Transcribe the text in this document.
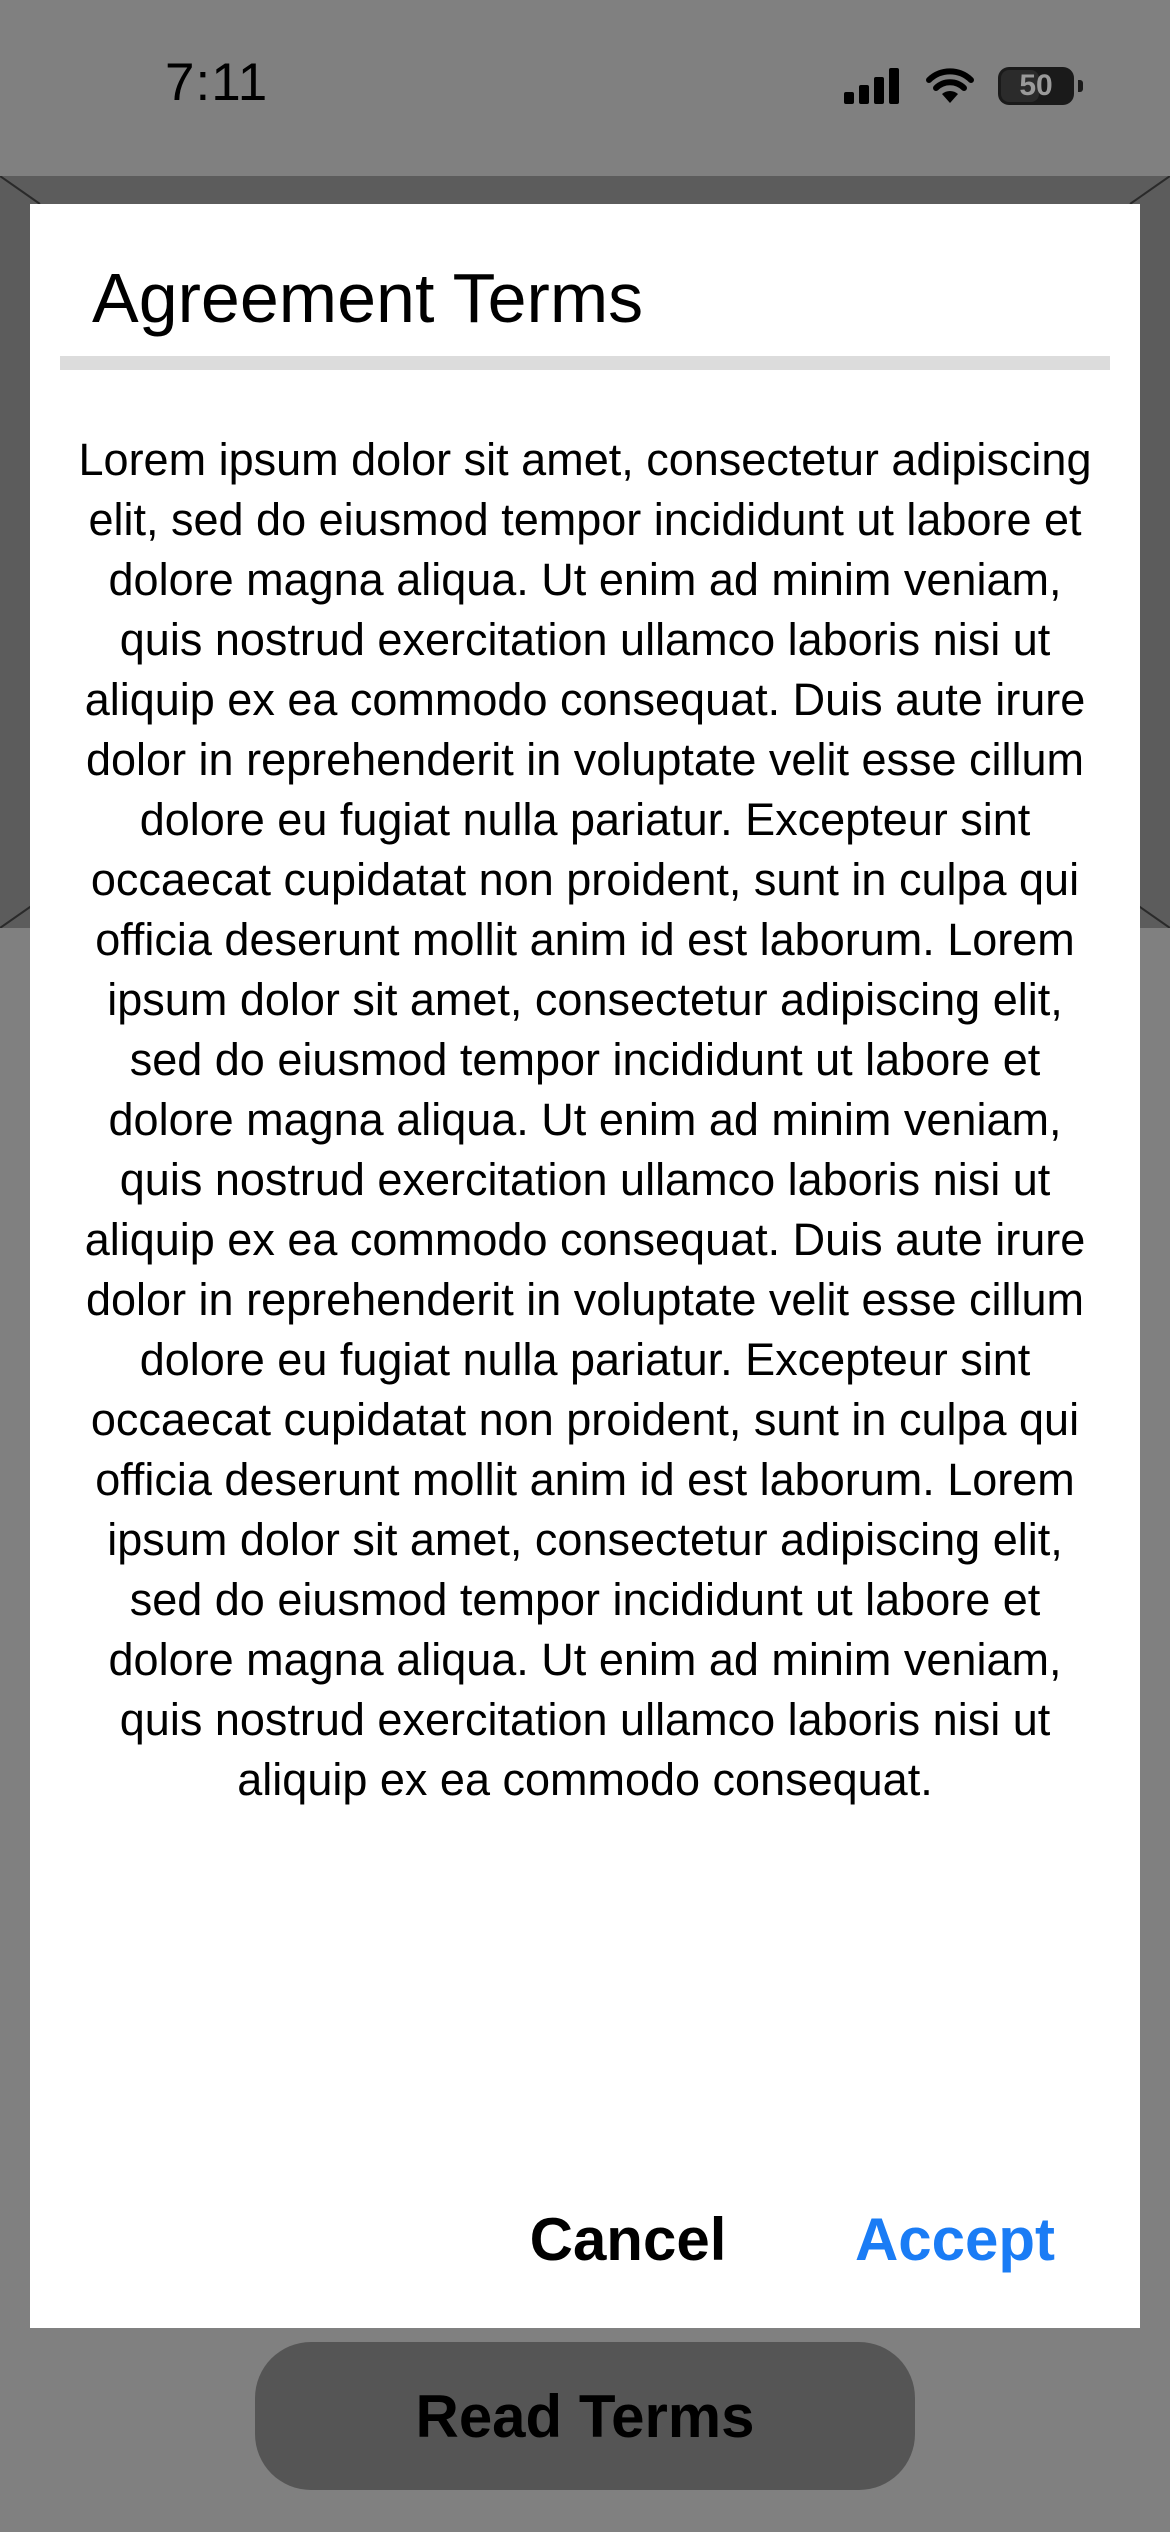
7:11	50
Read Terms
Agreement Terms

Lorem ipsum dolor sit amet, consectetur adipiscing elit, sed do eiusmod tempor incididunt ut labore et dolore magna aliqua. Ut enim ad minim veniam, quis nostrud exercitation ullamco laboris nisi ut aliquip ex ea commodo consequat. Duis aute irure dolor in reprehenderit in voluptate velit esse cillum dolore eu fugiat nulla pariatur. Excepteur sint occaecat cupidatat non proident, sunt in culpa qui officia deserunt mollit anim id est laborum. Lorem ipsum dolor sit amet, consectetur adipiscing elit, sed do eiusmod tempor incididunt ut labore et dolore magna aliqua. Ut enim ad minim veniam, quis nostrud exercitation ullamco laboris nisi ut aliquip ex ea commodo consequat. Duis aute irure dolor in reprehenderit in voluptate velit esse cillum dolore eu fugiat nulla pariatur. Excepteur sint occaecat cupidatat non proident, sunt in culpa qui officia deserunt mollit anim id est laborum. Lorem ipsum dolor sit amet, consectetur adipiscing elit, sed do eiusmod tempor incididunt ut labore et dolore magna aliqua. Ut enim ad minim veniam, quis nostrud exercitation ullamco laboris nisi ut aliquip ex ea commodo consequat.

Cancel	Accept
